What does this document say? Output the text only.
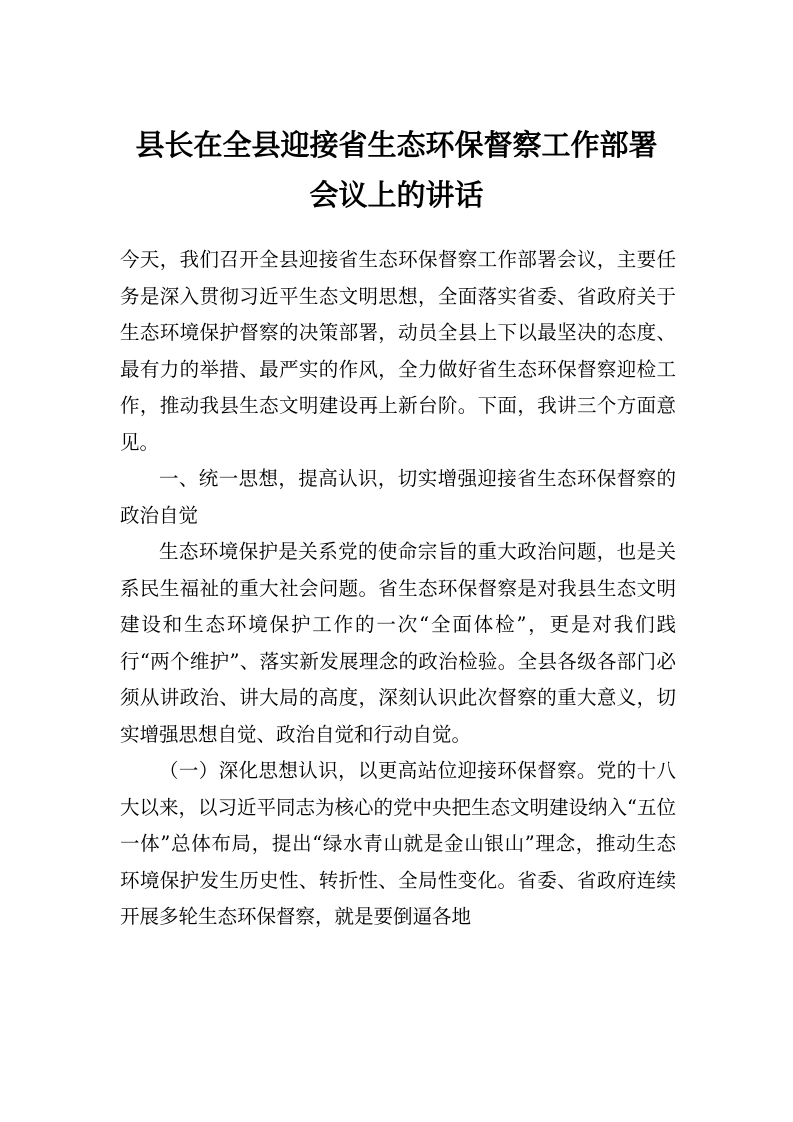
县长在全县迎接省生态环保督察工作部署
会议上的讲话

今天，我们召开全县迎接省生态环保督察工作部署会议，主要任务是深入贯彻习近平生态文明思想，全面落实省委、省政府关于生态环境保护督察的决策部署，动员全县上下以最坚决的态度、最有力的举措、最严实的作风，全力做好省生态环保督察迎检工作，推动我县生态文明建设再上新台阶。下面，我讲三个方面意见。

一、统一思想，提高认识，切实增强迎接省生态环保督察的政治自觉

生态环境保护是关系党的使命宗旨的重大政治问题，也是关系民生福祉的重大社会问题。省生态环保督察是对我县生态文明建设和生态环境保护工作的一次“全面体检”，更是对我们践行“两个维护”、落实新发展理念的政治检验。全县各级各部门必须从讲政治、讲大局的高度，深刻认识此次督察的重大意义，切实增强思想自觉、政治自觉和行动自觉。

（一）深化思想认识，以更高站位迎接环保督察。党的十八大以来，以习近平同志为核心的党中央把生态文明建设纳入“五位一体”总体布局，提出“绿水青山就是金山银山”理念，推动生态环境保护发生历史性、转折性、全局性变化。省委、省政府连续开展多轮生态环保督察，就是要倒逼各地
